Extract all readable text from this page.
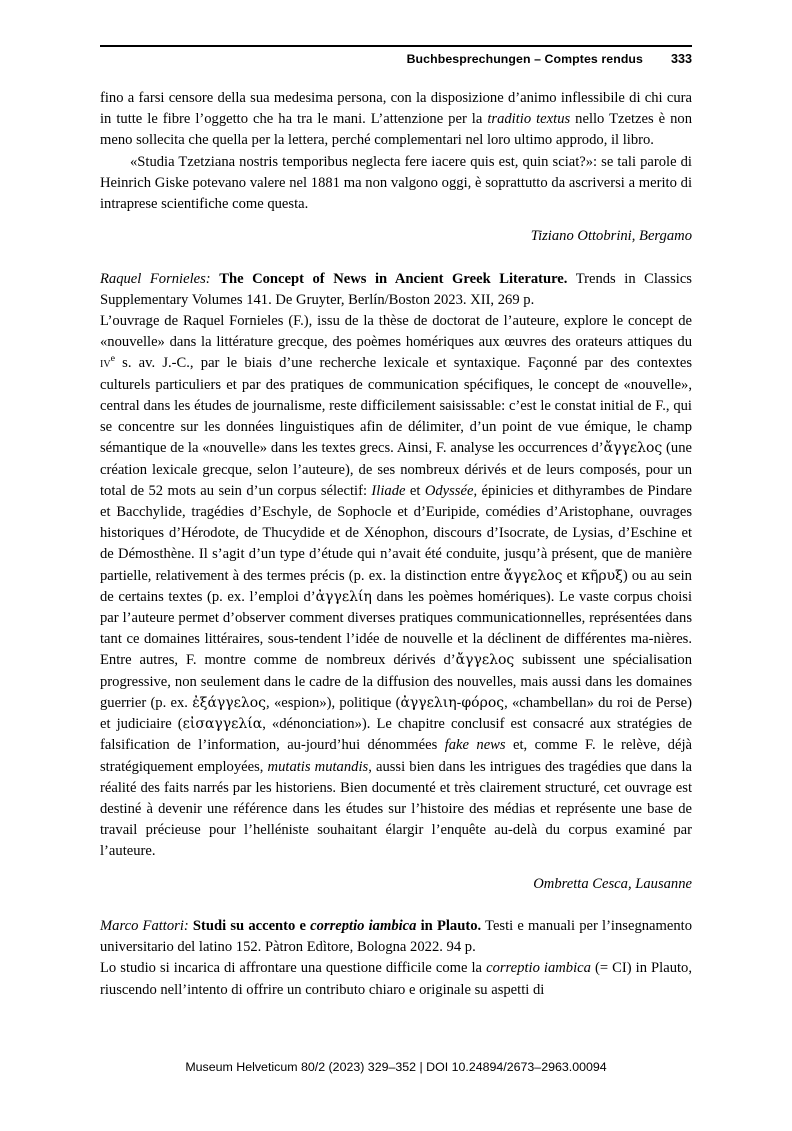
Buchbesprechungen – Comptes rendus 333

fino a farsi censore della sua medesima persona, con la disposizione d’animo inflessibile di chi cura in tutte le fibre l’oggetto che ha tra le mani. L’attenzione per la traditio textus nello Tzetzes è non meno sollecita che quella per la lettera, perché complementari nel loro ultimo approdo, il libro.

«Studia Tzetziana nostris temporibus neglecta fere iacere quis est, quin sciat?»: se tali parole di Heinrich Giske potevano valere nel 1881 ma non valgono oggi, è soprattutto da ascriversi a merito di intraprese scientifiche come questa.

Tiziano Ottobrini, Bergamo

Raquel Fornieles: The Concept of News in Ancient Greek Literature. Trends in Classics Supplementary Volumes 141. De Gruyter, Berlín/Boston 2023. XII, 269 p.

L’ouvrage de Raquel Fornieles (F.), issu de la thèse de doctorat de l’auteure, explore le concept de «nouvelle» dans la littérature grecque, des poèmes homériques aux œuvres des orateurs attiques du $iv^e$ s. av. J.-C., par le biais d’une recherche lexicale et syntaxique. Façonné par des contextes culturels particuliers et par des pratiques de communication spécifiques, le concept de «nouvelle», central dans les études de journalisme, reste difficilement saisissable: c’est le constat initial de F., qui se concentre sur les données linguistiques afin de délimiter, d’un point de vue émique, le champ sémantique de la «nouvelle» dans les textes grecs. Ainsi, F. analyse les occurrences d’ἄγγελος (une création lexicale grecque, selon l’auteure), de ses nombreux dérivés et de leurs composés, pour un total de 52 mots au sein d’un corpus sélectif: Iliade et Odyssée, épinicies et dithyrambes de Pindare et Bacchylide, tragédies d’Eschyle, de Sophocle et d’Euripide, comédies d’Aristophane, ouvrages historiques d’Hérodote, de Thucydide et de Xénophon, discours d’Isocrate, de Lysias, d’Eschine et de Démosthène. Il s’agit d’un type d’étude qui n’avait été conduite, jusqu’à présent, que de manière partielle, relativement à des termes précis (p. ex. la distinction entre ἄγγελος et κῆρυξ) ou au sein de certains textes (p. ex. l’emploi d’ἀγγελίη dans les poèmes homériques). Le vaste corpus choisi par l’auteure permet d’observer comment diverses pratiques communicationnelles, représentées dans tant ce domaines littéraires, sous-tendent l’idée de nouvelle et la déclinent de différentes ma-nières. Entre autres, F. montre comme de nombreux dérivés d’ἄγγελος subissent une spécialisation progressive, non seulement dans le cadre de la diffusion des nouvelles, mais aussi dans les domaines guerrier (p. ex. ἐξάγγελος, «espion»), politique (ἀγγελιη-φόρος, «chambellan» du roi de Perse) et judiciaire (εἰσαγγελία, «dénonciation»). Le chapitre conclusif est consacré aux stratégies de falsification de l’information, au-jourd’hui dénommées fake news et, comme F. le relève, déjà stratégiquement employées, mutatis mutandis, aussi bien dans les intrigues des tragédies que dans la réalité des faits narrés par les historiens. Bien documenté et très clairement structuré, cet ouvrage est destiné à devenir une référence dans les études sur l’histoire des médias et représente une base de travail précieuse pour l’helléniste souhaitant élargir l’enquête au-delà du corpus examiné par l’auteure.

Ombretta Cesca, Lausanne

Marco Fattori: Studi su accento e correptio iambica in Plauto. Testi e manuali per l’insegnamento universitario del latino 152. Pàtron Edìtore, Bologna 2022. 94 p.

Lo studio si incarica di affrontare una questione difficile come la correptio iambica (= CI) in Plauto, riuscendo nell’intento di offrire un contributo chiaro e originale su aspetti di

Museum Helveticum 80/2 (2023) 329–352 | DOI 10.24894/2673–2963.00094
